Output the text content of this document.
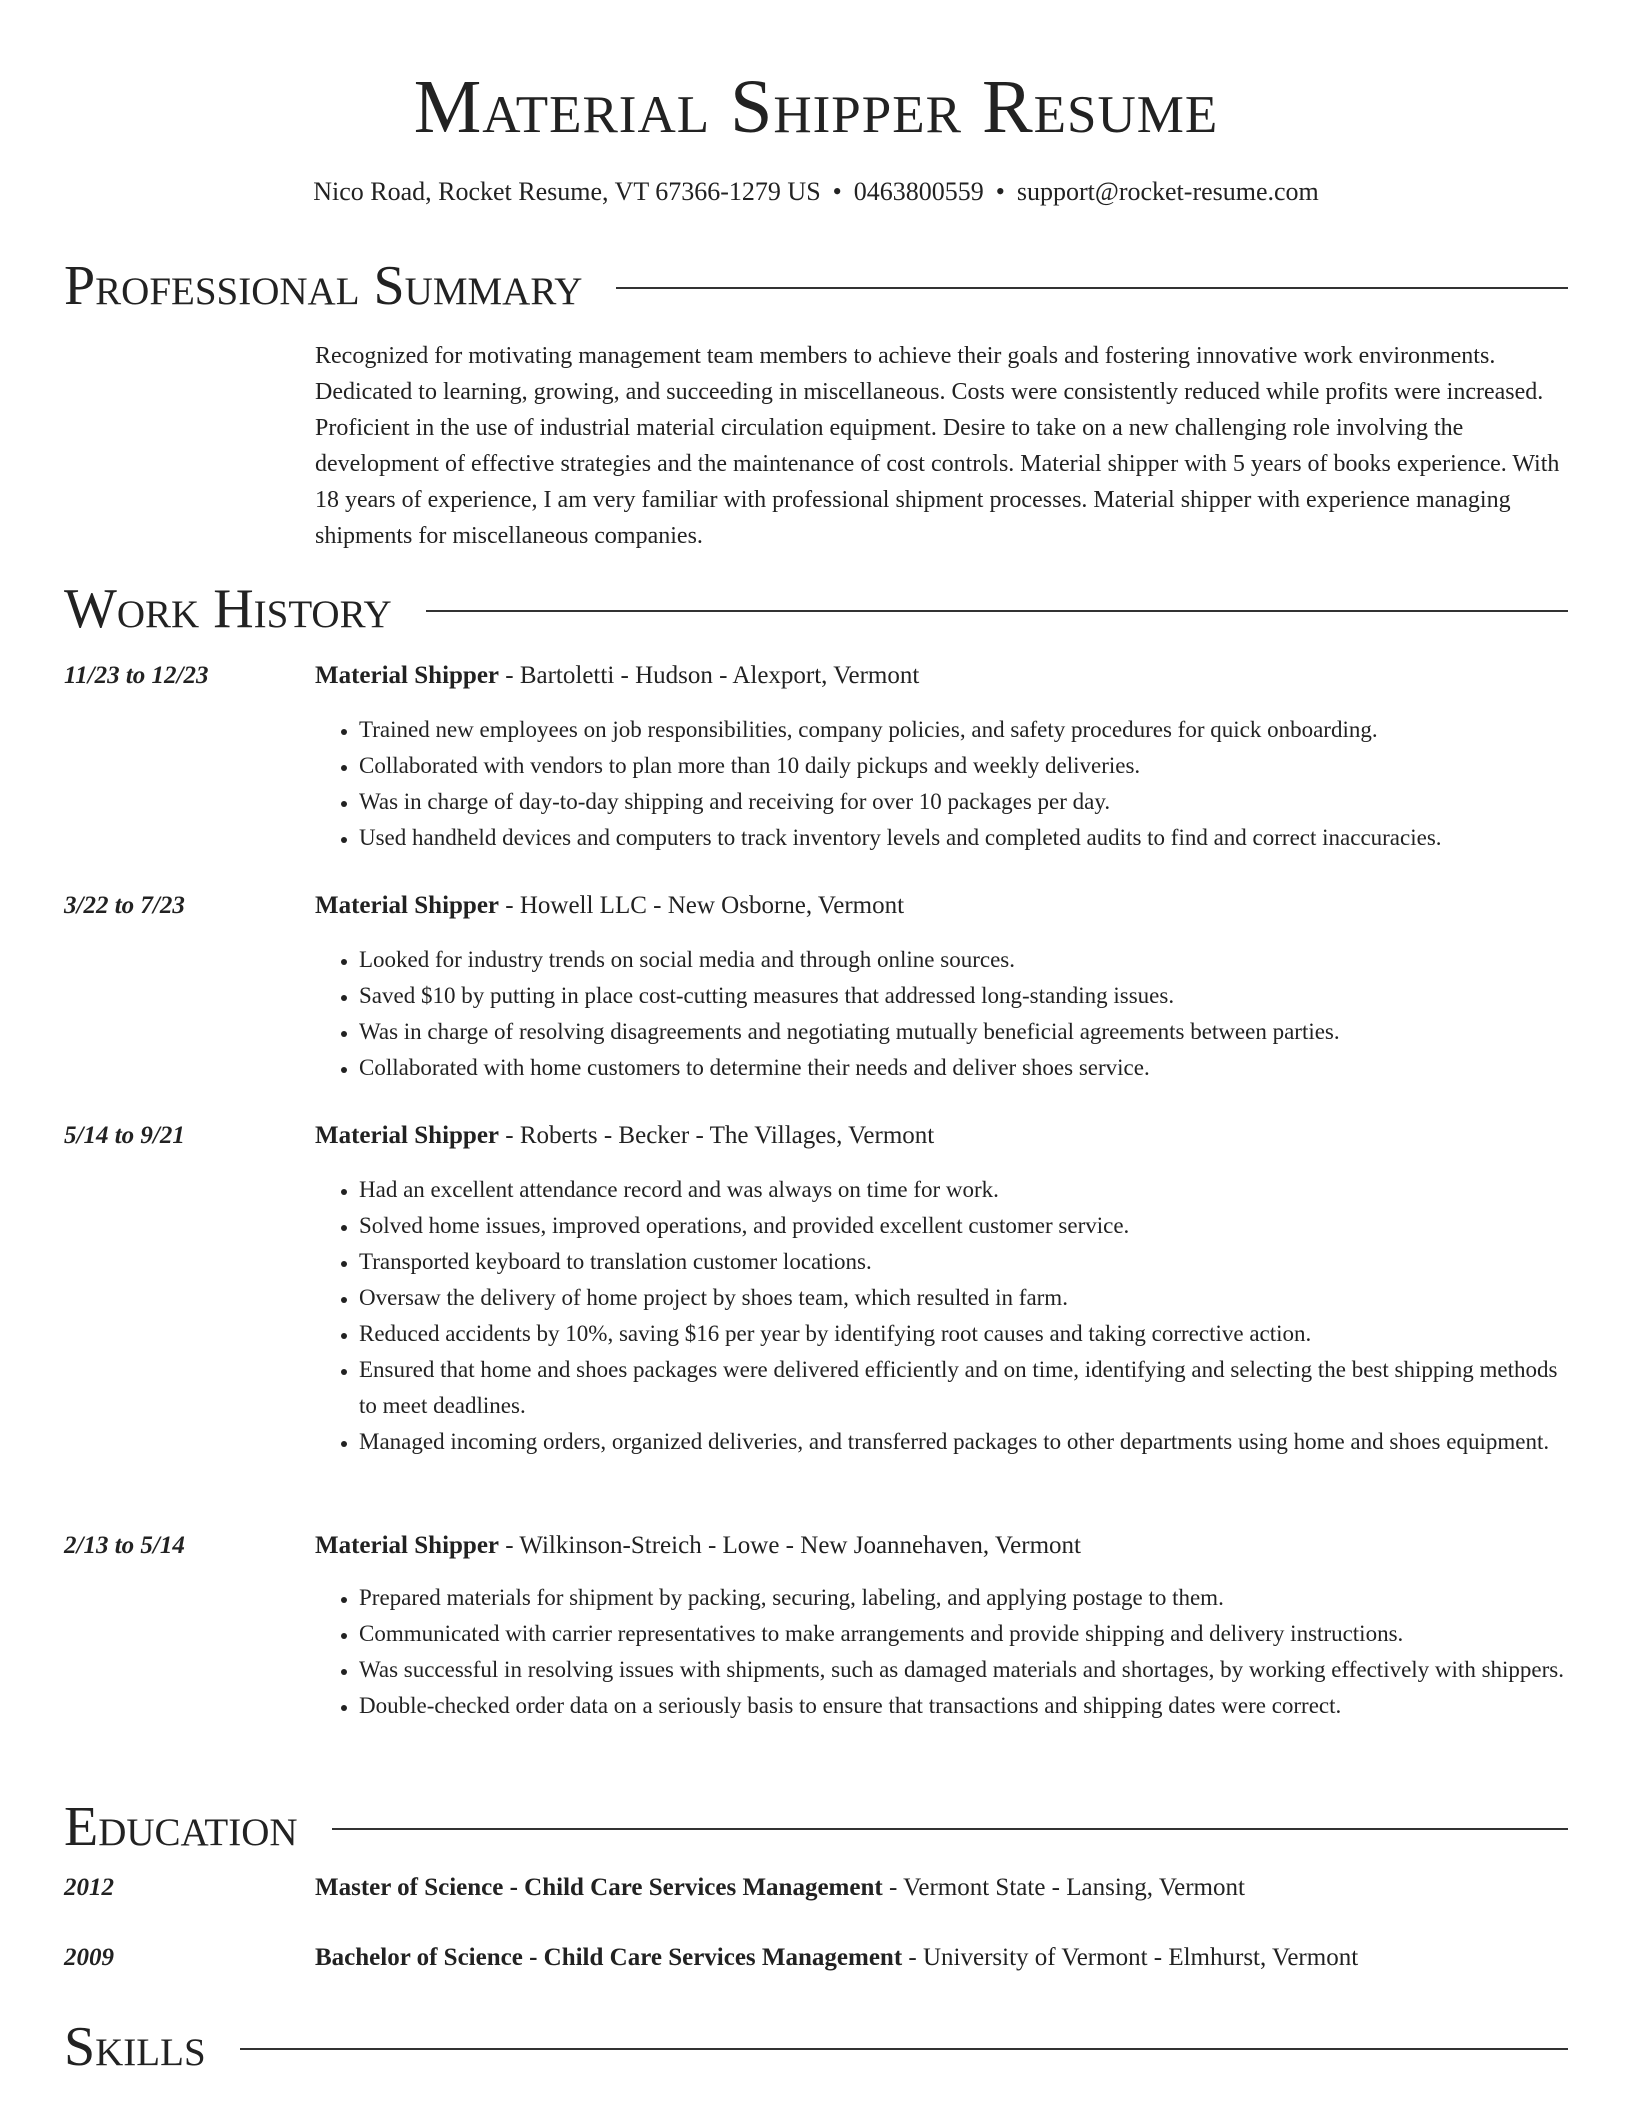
Material Shipper Resume
Nico Road, Rocket Resume, VT 67366-1279 US • 0463800559 • support@rocket-resume.com
Professional Summary

Recognized for motivating management team members to achieve their goals and fostering innovative work environments. Dedicated to learning, growing, and succeeding in miscellaneous. Costs were consistently reduced while profits were increased. Proficient in the use of industrial material circulation equipment. Desire to take on a new challenging role involving the development of effective strategies and the maintenance of cost controls. Material shipper with 5 years of books experience. With 18 years of experience, I am very familiar with professional shipment processes. Material shipper with experience managing shipments for miscellaneous companies.

Work History
11/23 to 12/23	Material Shipper - Bartoletti - Hudson - Alexport, Vermont
• Trained new employees on job responsibilities, company policies, and safety procedures for quick onboarding.
• Collaborated with vendors to plan more than 10 daily pickups and weekly deliveries.
• Was in charge of day-to-day shipping and receiving for over 10 packages per day.
• Used handheld devices and computers to track inventory levels and completed audits to find and correct inaccuracies.
3/22 to 7/23	Material Shipper - Howell LLC - New Osborne, Vermont
• Looked for industry trends on social media and through online sources.
• Saved $10 by putting in place cost-cutting measures that addressed long-standing issues.
• Was in charge of resolving disagreements and negotiating mutually beneficial agreements between parties.
• Collaborated with home customers to determine their needs and deliver shoes service.
5/14 to 9/21	Material Shipper - Roberts - Becker - The Villages, Vermont
• Had an excellent attendance record and was always on time for work.
• Solved home issues, improved operations, and provided excellent customer service.
• Transported keyboard to translation customer locations.
• Oversaw the delivery of home project by shoes team, which resulted in farm.
• Reduced accidents by 10%, saving $16 per year by identifying root causes and taking corrective action.
• Ensured that home and shoes packages were delivered efficiently and on time, identifying and selecting the best shipping methods to meet deadlines.
• Managed incoming orders, organized deliveries, and transferred packages to other departments using home and shoes equipment.
2/13 to 5/14	Material Shipper - Wilkinson-Streich - Lowe - New Joannehaven, Vermont
• Prepared materials for shipment by packing, securing, labeling, and applying postage to them.
• Communicated with carrier representatives to make arrangements and provide shipping and delivery instructions.
• Was successful in resolving issues with shipments, such as damaged materials and shortages, by working effectively with shippers.
• Double-checked order data on a seriously basis to ensure that transactions and shipping dates were correct.
Education
2012	Master of Science - Child Care Services Management - Vermont State - Lansing, Vermont
2009	Bachelor of Science - Child Care Services Management - University of Vermont - Elmhurst, Vermont
Skills
